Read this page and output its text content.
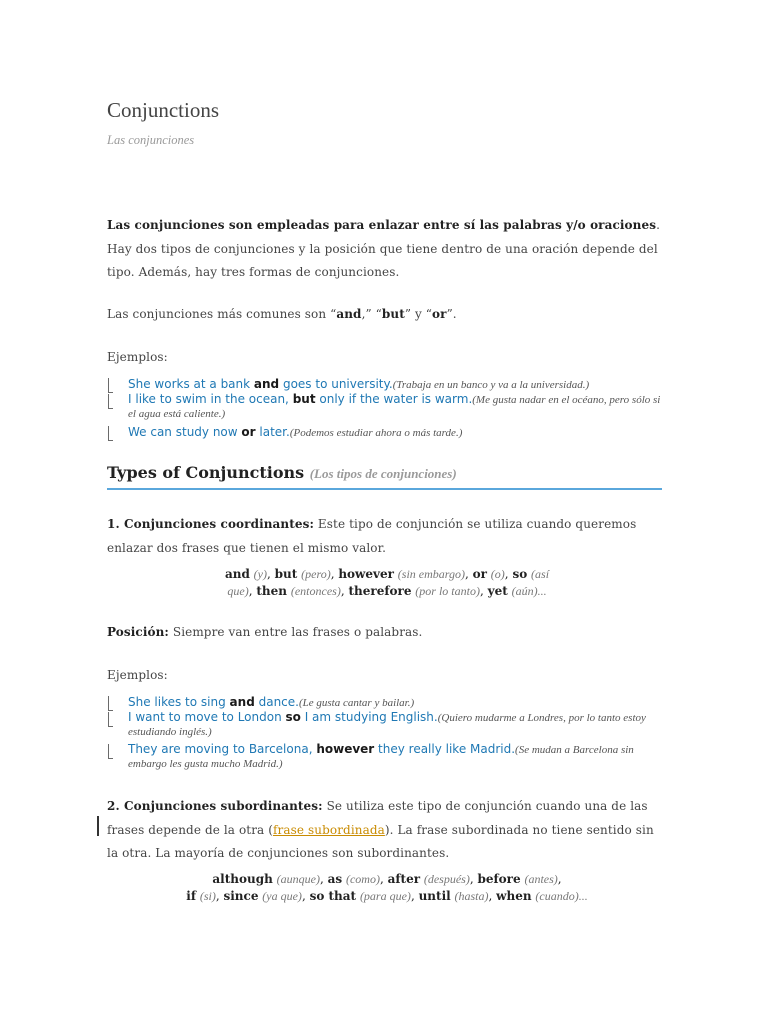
Conjunctions
Las conjunciones
Las conjunciones son empleadas para enlazar entre sí las palabras y/o oraciones. Hay dos tipos de conjunciones y la posición que tiene dentro de una oración depende del tipo. Además, hay tres formas de conjunciones.
Las conjunciones más comunes son “and,” “but” y “or”.
Ejemplos:
She works at a bank and goes to university.(Trabaja en un banco y va a la universidad.)
I like to swim in the ocean, but only if the water is warm.(Me gusta nadar en el océano, pero sólo si el agua está caliente.)
We can study now or later.(Podemos estudiar ahora o más tarde.)
Types of Conjunctions (Los tipos de conjunciones)
1. Conjunciones coordinantes: Este tipo de conjunción se utiliza cuando queremos enlazar dos frases que tienen el mismo valor.
and (y), but (pero), however (sin embargo), or (o), so (así
que), then (entonces), therefore (por lo tanto), yet (aún)...
Posición: Siempre van entre las frases o palabras.
Ejemplos:
She likes to sing and dance.(Le gusta cantar y bailar.)
I want to move to London so I am studying English.(Quiero mudarme a Londres, por lo tanto estoy estudiando inglés.)
They are moving to Barcelona, however they really like Madrid.(Se mudan a Barcelona sin embargo les gusta mucho Madrid.)
2. Conjunciones subordinantes: Se utiliza este tipo de conjunción cuando una de las frases depende de la otra (frase subordinada). La frase subordinada no tiene sentido sin la otra. La mayoría de conjunciones son subordinantes.
although (aunque), as (como), after (después), before (antes),
if (si), since (ya que), so that (para que), until (hasta), when (cuando)...
